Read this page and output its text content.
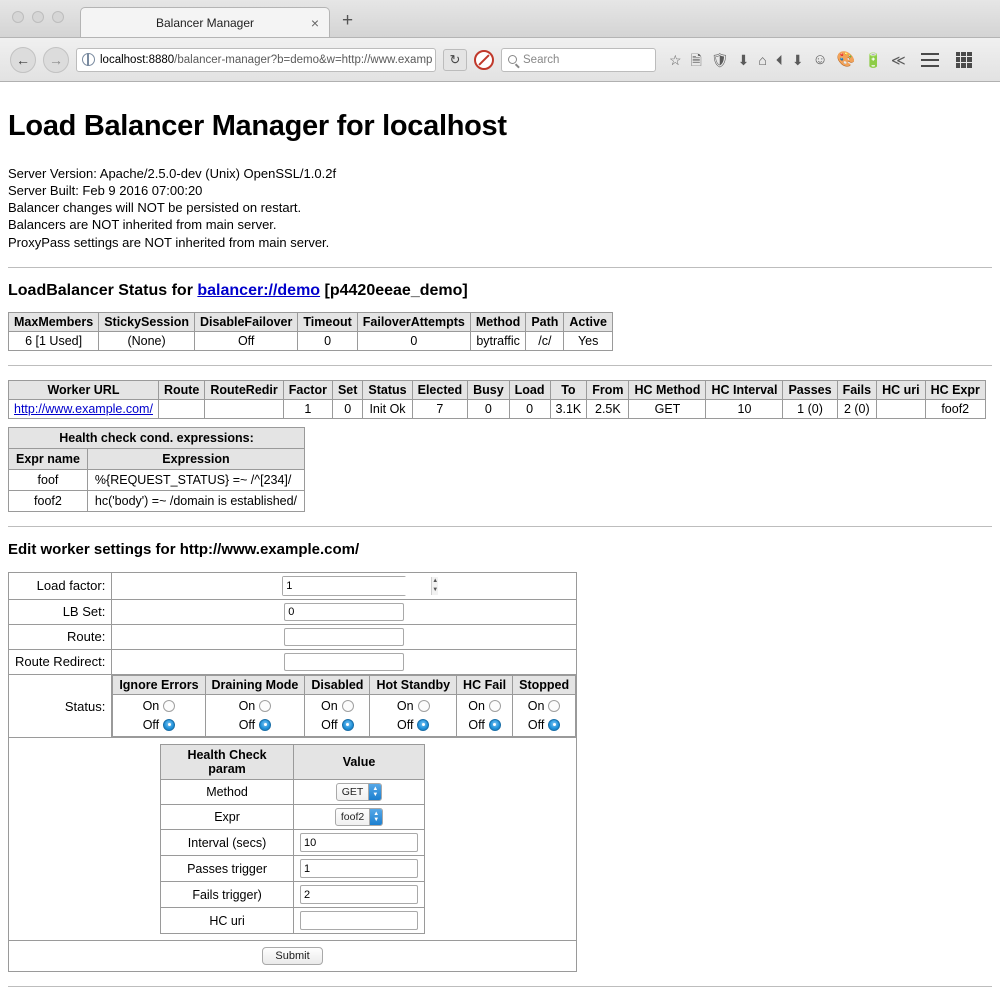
Balancer Manager	× +
←	→	localhost:8880 /balancer-manager?b=demo&w=http://www.examp	↻	Search	☆ 🗎 🛡 ⬇ ⌂ ⏴ ⬇ ☺ 🎨 🔋 ≪
Load Balancer Manager for localhost
Server Version: Apache/2.5.0-dev (Unix) OpenSSL/1.0.2f
Server Built: Feb 9 2016 07:00:20
Balancer changes will NOT be persisted on restart.
Balancers are NOT inherited from main server.
ProxyPass settings are NOT inherited from main server.
LoadBalancer Status for balancer://demo [p4420eeae_demo]
MaxMembers	StickySession	DisableFailover	Timeout	FailoverAttempts	Method	Path	Active
6 [1 Used]	(None)	Off	0	0	bytraffic	/c/	Yes
Worker URL	Route	RouteRedir	Factor	Set	Status	Elected	Busy	Load	To	From	HC Method	HC Interval	Passes	Fails	HC uri	HC Expr
http://www.example.com/			1	0	Init Ok	7	0	0	3.1K	2.5K	GET	10	1 (0)	2 (0)		foof2
Health check cond. expressions:	
Expr name	Expression
foof	%{REQUEST_STATUS} =~ /^[234]/
foof2	hc('body') =~ /domain is established/
Edit worker settings for http://www.example.com/
Load factor:	
1▲
▼

LB Set:	0
Route:	
Route Redirect:	
Status:	
Ignore Errors	Draining Mode	Disabled	Hot Standby	HC Fail	Stopped

On
Off

On
Off

On
Off

On
Off

On
Off

On
Off

Health Check param	Value
Method	GET	▲
▼

Expr	foof2	▲
▼

Interval (secs)	10
Passes trigger	1
Fails trigger)	2
HC uri	

Submit
